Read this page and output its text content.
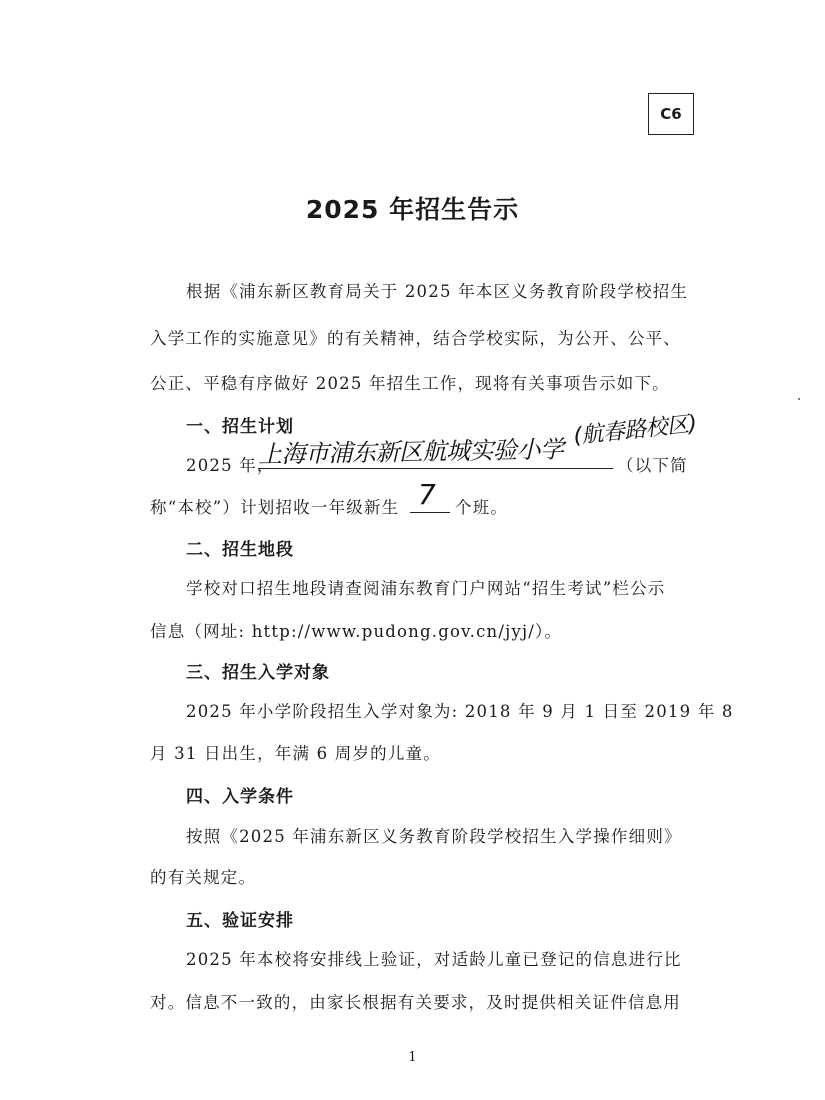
C6
2025 年招生告示
根据《浦东新区教育局关于 2025 年本区义务教育阶段学校招生
入学工作的实施意见》的有关精神，结合学校实际，为公开、公平、
公正、平稳有序做好 2025 年招生工作，现将有关事项告示如下。
一、招生计划
2025 年，
上海市浦东新区航城实验小学
(航春路校区)
（以下简
称“本校”）计划招收一年级新生 7 个班。
二、招生地段
学校对口招生地段请查阅浦东教育门户网站“招生考试”栏公示
信息（网址: http://www.pudong.gov.cn/jyj/）。
三、招生入学对象
2025 年小学阶段招生入学对象为: 2018 年 9 月 1 日至 2019 年 8
月 31 日出生，年满 6 周岁的儿童。
四、入学条件
按照《2025 年浦东新区义务教育阶段学校招生入学操作细则》
的有关规定。
五、验证安排
2025 年本校将安排线上验证，对适龄儿童已登记的信息进行比
对。信息不一致的，由家长根据有关要求，及时提供相关证件信息用
1
